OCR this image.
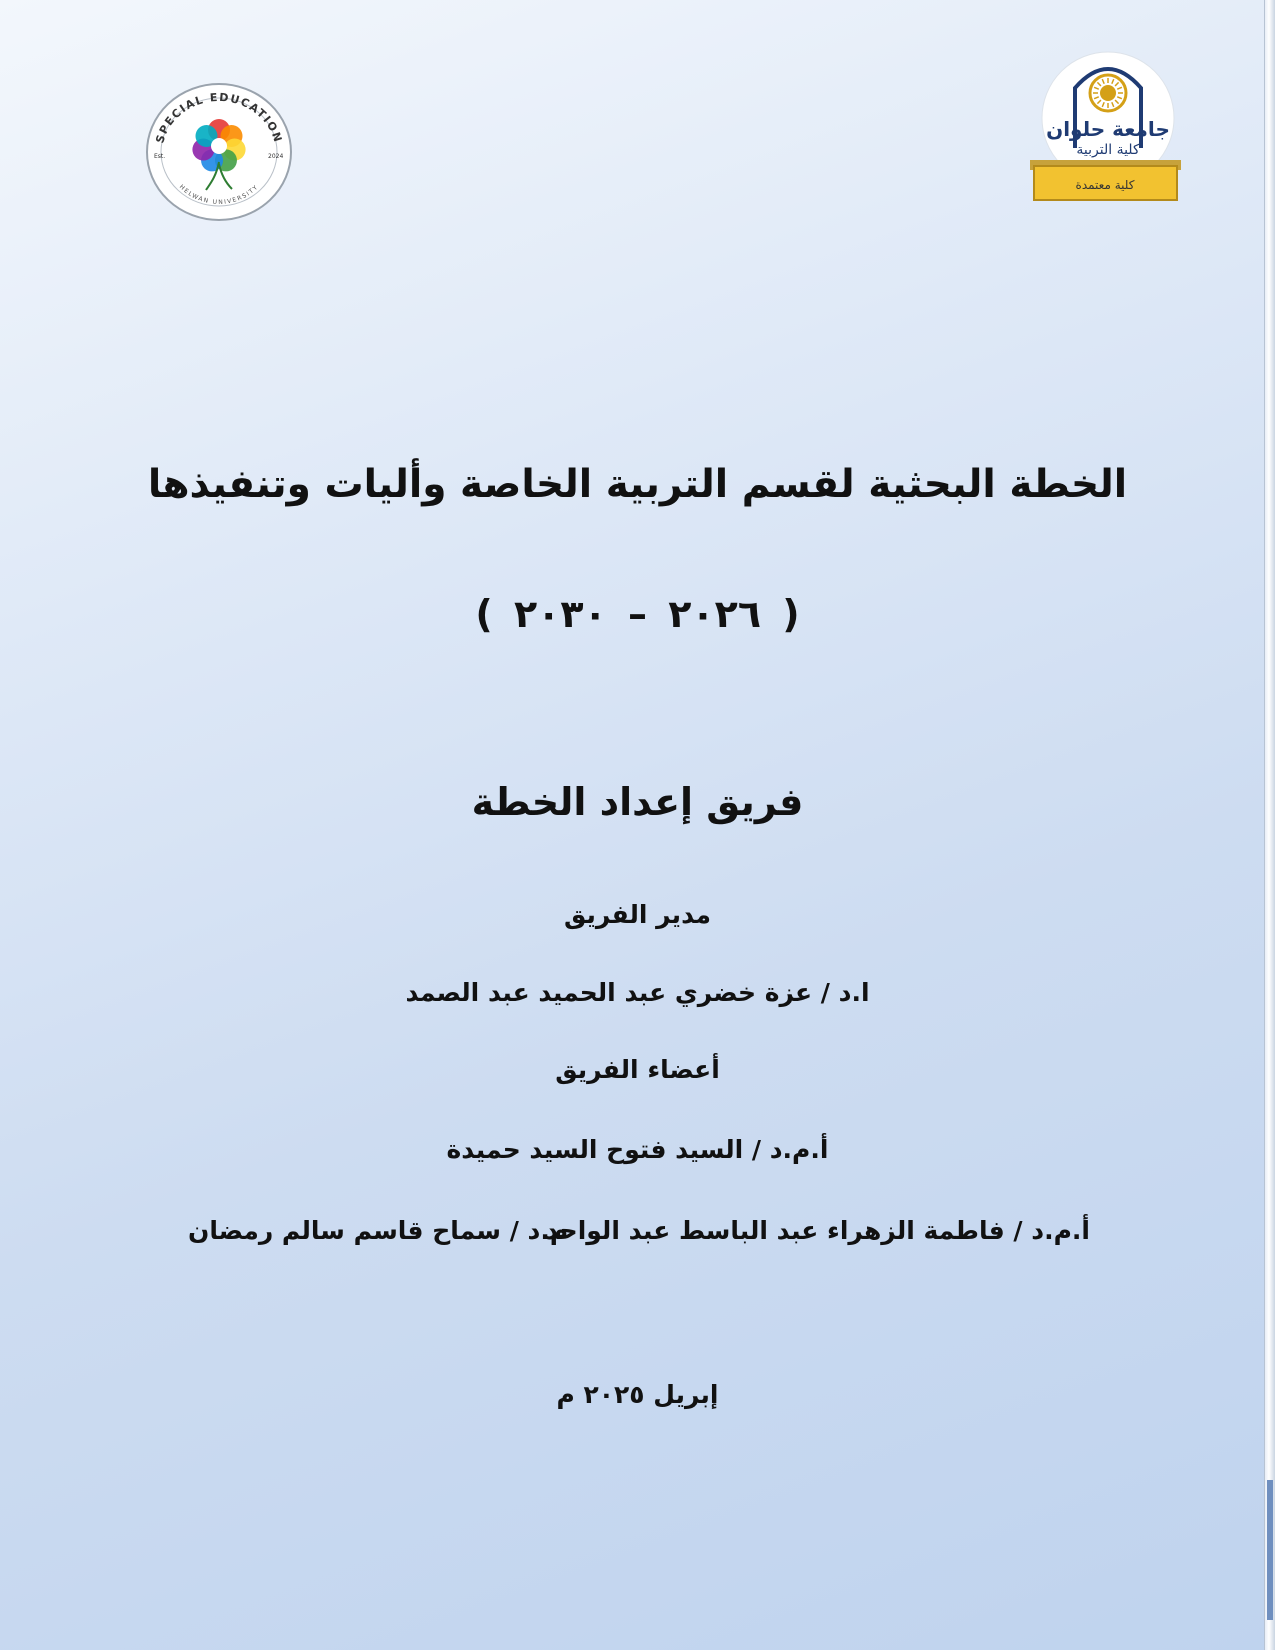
SPECIAL EDUCATION
HELWAN UNIVERSITY
Est.	2024
جامعة حلوان
كلية التربية
كلية معتمدة
الخطة البحثية لقسم التربية الخاصة وأليات وتنفيذها
( ٢٠٢٦ – ٢٠٣٠ )
فريق إعداد الخطة
مدير الفريق
ا.د / عزة خضري عبد الحميد عبد الصمد
أعضاء الفريق
أ.م.د / السيد فتوح السيد حميدة
أ.م.د / فاطمة الزهراء عبد الباسط عبد الواحد
م.د / سماح قاسم سالم رمضان
إبريل ٢٠٢٥ م
